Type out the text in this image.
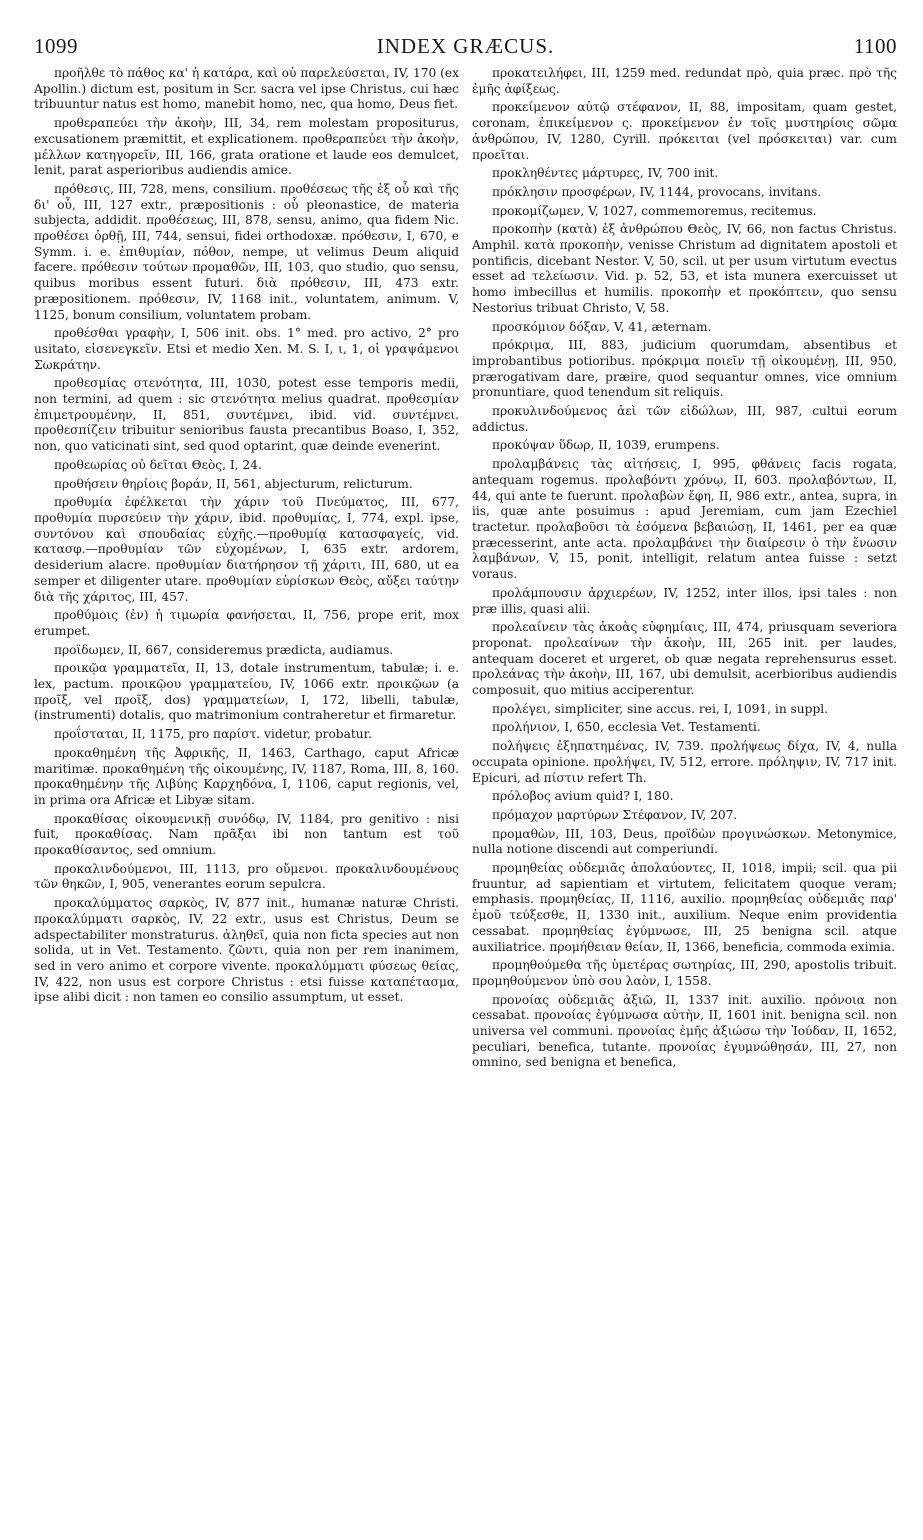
1099	INDEX GRÆCUS.	1100

προῆλθε τὸ πάθος κα' ἡ κατάρα, καὶ οὐ παρελεύσεται, IV, 170 (ex Apollin.) dictum est, positum in Scr. sacra vel ipse Christus, cui hæc tribuuntur natus est homo, manebit homo, nec, qua homo, Deus fiet.

προθεραπεύει τὴν ἀκοὴν, III, 34, rem molestam propositurus, excusationem præmittit, et explicationem. προθεραπεύει τὴν ἀκοὴν, μέλλων κατηγορεῖν, III, 166, grata oratione et laude eos demulcet, lenit, parat asperioribus audiendis amice.

πρόθεσις, III, 728, mens, consilium. προθέσεως τῆς ἐξ οὗ καὶ τῆς δι' οὗ, III, 127 extr., præpositionis : οὗ pleonastice, de materia subjecta, addidit. προθέσεως, III, 878, sensu, animo, qua fidem Nic. προθέσει ὀρθῇ, III, 744, sensui, fidei orthodoxæ. πρόθεσιν, I, 670, e Symm. i. e. ἐπιθυμίαν, πόθον, nempe, ut velimus Deum aliquid facere. πρόθεσιν τούτων προμαθῶν, III, 103, quo studio, quo sensu, quibus moribus essent futuri. διὰ πρόθεσιν, III, 473 extr. præpositionem. πρόθεσιν, IV, 1168 init., voluntatem, animum. V, 1125, bonum consilium, voluntatem probam.

προθέσθαι γραφὴν, I, 506 init. obs. 1° med. pro activo, 2° pro usitato, εἰσενεγκεῖν. Etsi et medio Xen. M. S. I, ι, 1, οἱ γραψάμενοι Σωκράτην.

προθεσμίας στενότητα, III, 1030, potest esse temporis medii, non termini, ad quem : sic στενότητα melius quadrat. προθεσμίαν ἐπιμετρουμένην, II, 851, συντέμνει, ibid. vid. συντέμνει. προθεσπίζειν tribuitur senioribus fausta precantibus Boaso, I, 352, non, quo vaticinati sint, sed quod optarint, quæ deinde evenerint.

προθεωρίας οὐ δεῖται Θεὸς, I, 24.

προθήσειν θηρίοις βοράν, II, 561, abjecturum, relicturum.

προθυμία ἐφέλκεται τὴν χάριν τοῦ Πνεύματος, III, 677, προθυμία πυρσεύειν τὴν χάριν, ibid. προθυμίας, I, 774, expl. ipse, συντόνου καὶ σπουδαίας εὐχῆς.—προθυμίᾳ κατασφαγείς, vid. κατασφ.—προθυμίαν τῶν εὐχομένων, I, 635 extr. ardorem, desiderium alacre. προθυμίαν διατήρησον τῇ χάριτι, III, 680, ut ea semper et diligenter utare. προθυμίαν εὑρίσκων Θεὸς, αὔξει ταύτην διὰ τῆς χάριτος, III, 457.

προθύμοις (ἐν) ἡ τιμωρία φανήσεται, II, 756, prope erit, mox erumpet.

προϊδωμεν, II, 667, consideremus prædicta, audiamus.

προικῷα γραμματεῖα, II, 13, dotale instrumentum, tabulæ; i. e. lex, pactum. προικῷου γραμματείου, IV, 1066 extr. προικῷων (a προῖξ, vel προῖξ, dos) γραμματείων, I, 172, libelli, tabulæ, (instrumenti) dotalis, quo matrimonium contraheretur et firmaretur.

προΐσταται, II, 1175, pro παρίστ. videtur, probatur.

προκαθημένη τῆς Ἀφρικῆς, II, 1463, Carthago, caput Africæ maritimæ. προκαθημένη τῆς οἰκουμένης, IV, 1187, Roma, III, 8, 160. προκαθημένην τῆς Λιβύης Καρχηδόνα, I, 1106, caput regionis, vel, in prima ora Africæ et Libyæ sitam.

προκαθίσας οἰκουμενικῇ συνόδῳ, IV, 1184, pro genitivo : nisi fuit, προκαθίσας. Nam πρᾶξαι ibi non tantum est τοῦ προκαθίσαντος, sed omnium.

προκαλινδούμενοι, III, 1113, pro οὔμενοι. προκαλινδουμένους τῶν θηκῶν, I, 905, venerantes eorum sepulcra.

προκαλύμματος σαρκὸς, IV, 877 init., humanæ naturæ Christi. προκαλύμματι σαρκὸς, IV, 22 extr., usus est Christus, Deum se adspectabiliter monstraturus. ἀληθεῖ, quia non ficta species aut non solida, ut in Vet. Testamento. ζῶντι, quia non per rem inanimem, sed in vero animo et corpore vivente. προκαλύμματι φύσεως θείας, IV, 422, non usus est corpore Christus : etsi fuisse καταπέτασμα, ipse alibi dicit : non tamen eo consilio assumptum, ut esset.

προκατειλήφει, III, 1259 med. redundat πρὸ, quia præc. πρὸ τῆς ἐμῆς ἀφίξεως.

προκείμενον αὐτῷ στέφανον, II, 88, impositam, quam gestet, coronam, ἐπικείμενον ς. προκείμενον ἐν τοῖς μυστηρίοις σῶμα ἀνθρώπου, IV, 1280, Cyrill. πρόκειται (vel πρόσκειται) var. cum προεῖται.

προκληθέντες μάρτυρες, IV, 700 init.

πρόκλησιν προσφέρων, IV, 1144, provocans, invitans.

προκομίζωμεν, V, 1027, commemoremus, recitemus.

προκοπὴν (κατὰ) ἐξ ἀνθρώπου Θεὸς, IV, 66, non factus Christus. Amphil. κατὰ προκοπὴν, venisse Christum ad dignitatem apostoli et pontificis, dicebant Nestor. V, 50, scil. ut per usum virtutum evectus esset ad τελείωσιν. Vid. p. 52, 53, et ista munera exercuisset ut homo imbecillus et humilis. προκοπὴν et προκόπτειν, quo sensu Nestorius tribuat Christo, V, 58.

προσκόμιον δόξαν, V, 41, æternam.

πρόκριμα, III, 883, judicium quorumdam, absentibus et improbantibus potioribus. πρόκριμα ποιεῖν τῇ οἰκουμένῃ, III, 950, prærogativam dare, præire, quod sequantur omnes, vice omnium pronuntiare, quod tenendum sit reliquis.

προκυλινδούμενος ἀεὶ τῶν εἰδώλων, III, 987, cultui eorum addictus.

προκύψαν ὕδωρ, II, 1039, erumpens.

προλαμβάνεις τὰς αἰτήσεις, I, 995, φθάνεις facis rogata, antequam rogemus. προλαβόντι χρόνῳ, II, 603. προλαβόντων, II, 44, qui ante te fuerunt. προλαβὼν ἔφη, II, 986 extr., antea, supra, in iis, quæ ante posuimus : apud Jeremiam, cum jam Ezechiel tractetur. προλαβοῦσι τὰ ἐσόμενα βεβαιώσῃ, II, 1461, per ea quæ præcesserint, ante acta. προλαμβάνει τὴν διαίρεσιν ὁ τὴν ἕνωσιν λαμβάνων, V, 15, ponit, intelligit, relatum antea fuisse : setzt voraus.

προλάμπουσιν ἀρχιερέων, IV, 1252, inter illos, ipsi tales : non præ illis, quasi alii.

προλεαίνειν τὰς ἀκοὰς εὐφημίαις, III, 474, priusquam severiora proponat. προλεαίνων τὴν ἀκοὴν, III, 265 init. per laudes, antequam doceret et urgeret, ob quæ negata reprehensurus esset. προλεάνας τὴν ἀκοὴν, III, 167, ubi demulsit, acerbioribus audiendis composuit, quo mitius acciperentur.

προλέγει, simpliciter, sine accus. rei, I, 1091, in suppl.

προλήνιον, I, 650, ecclesia Vet. Testamenti.

πολήψεις ἐξηπατημένας, IV, 739. προλήψεως δίχα, IV, 4, nulla occupata opinione. προλήψει, IV, 512, errore. πρόληψιν, IV, 717 init. Epicuri, ad πίστιν refert Th.

πρόλοβος avium quid? I, 180.

πρόμαχον μαρτύρων Στέφανον, IV, 207.

προμαθὼν, III, 103, Deus, προϊδὼν προγινώσκων. Metonymice, nulla notione discendi aut comperiundi.

προμηθείας οὐδεμιᾶς ἀπολαύοντες, II, 1018, impii; scil. qua pii fruuntur, ad sapientiam et virtutem, felicitatem quoque veram; emphasis. προμηθείας, II, 1116, auxilio. προμηθείας οὐδεμιᾶς παρ' ἐμοῦ τεύξεσθε, II, 1330 init., auxilium. Neque enim providentia cessabat. προμηθείας ἐγύμνωσε, III, 25 benigna scil. atque auxiliatrice. προμήθειαν θείαν, II, 1366, beneficia, commoda eximia.

προμηθούμεθα τῆς ὑμετέρας σωτηρίας, III, 290, apostolis tribuit. προμηθούμενον ὑπὸ σου λαὸν, I, 1558.

προνοίας οὐδεμιᾶς ἀξιῶ, II, 1337 init. auxilio. πρόνοια non cessabat. προνοίας ἐγύμνωσα αὐτὴν, II, 1601 init. benigna scil. non universa vel communi. προνοίας ἐμῆς ἀξιώσω τὴν Ἰούδαν, II, 1652, peculiari, benefica, tutante. προνοίας ἐγυμνώθησάν, III, 27, non omnino, sed benigna et benefica,
